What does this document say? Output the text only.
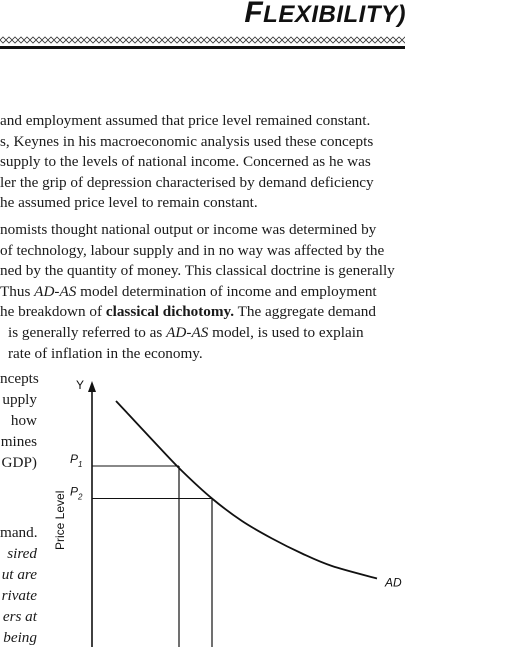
FLEXIBILITY)

and employment assumed that price level remained constant.
s, Keynes in his macroeconomic analysis used these concepts
supply to the levels of national income. Concerned as he was
ler the grip of depression characterised by demand deficiency
he assumed price level to remain constant.

nomists thought national output or income was determined by
of technology, labour supply and in no way was affected by the
ned by the quantity of money. This classical doctrine is generally
Thus AD-AS model determination of income and employment
he breakdown of classical dichotomy. The aggregate demand
is generally referred to as AD-AS model, is used to explain
rate of inflation in the economy.

ncepts
upply
how
mines
GDP)
mand.
sired
ut are
rivate
ers at
being
Y
Price Level
AD
$P_1$
$P_2$
